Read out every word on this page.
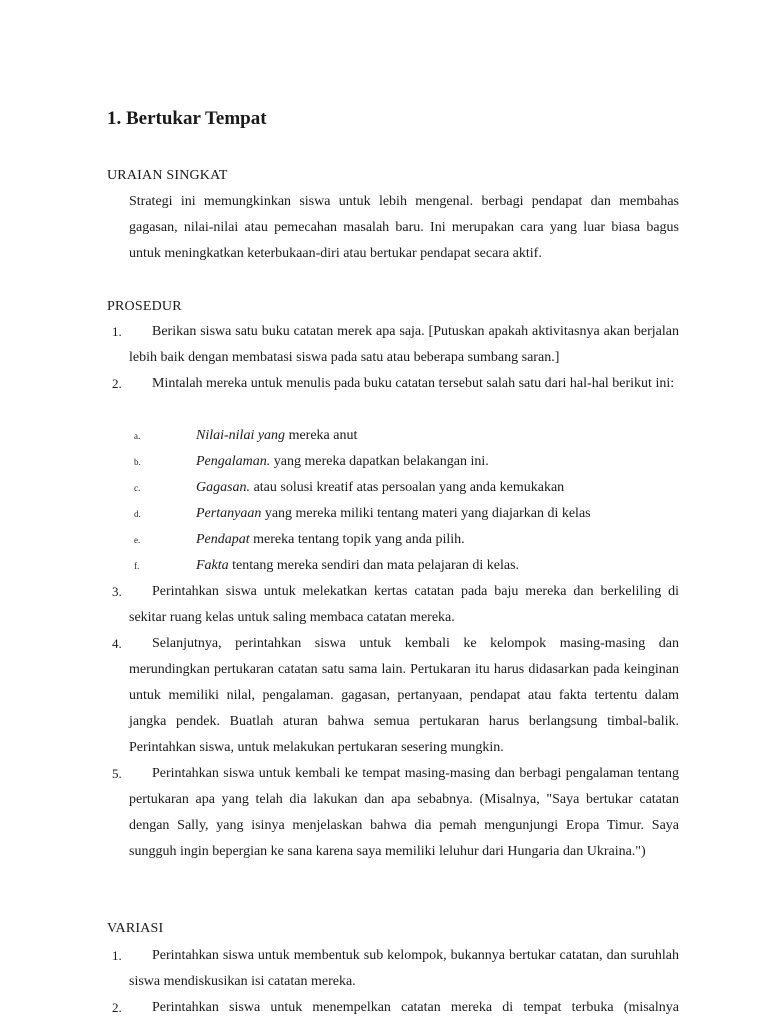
1. Bertukar Tempat
URAIAN SINGKAT

Strategi ini memungkinkan siswa untuk lebih mengenal. berbagi pendapat dan membahas gagasan, nilai-nilai atau pemecahan masalah baru. Ini merupakan cara yang luar biasa bagus untuk meningkatkan keterbukaan-diri atau bertukar pendapat secara aktif.

PROSEDUR
1.	Berikan siswa satu buku catatan merek apa saja. [Putuskan apakah aktivitasnya akan berjalan lebih baik dengan membatasi siswa pada satu atau beberapa sumbang saran.]

2.	Mintalah mereka untuk menulis pada buku catatan tersebut salah satu dari hal-hal berikut ini:

a.	Nilai-nilai yang mereka anut
b.	Pengalaman. yang mereka dapatkan belakangan ini.
c.	Gagasan. atau solusi kreatif atas persoalan yang anda kemukakan
d.	Pertanyaan yang mereka miliki tentang materi yang diajarkan di kelas
e.	Pendapat mereka tentang topik yang anda pilih.
f.	Fakta tentang mereka sendiri dan mata pelajaran di kelas.
3.	Perintahkan siswa untuk melekatkan kertas catatan pada baju mereka dan berkeliling di sekitar ruang kelas untuk saling membaca catatan mereka.

4.	Selanjutnya, perintahkan siswa untuk kembali ke kelompok masing-masing dan merundingkan pertukaran catatan satu sama lain. Pertukaran itu harus didasarkan pada keinginan untuk memiliki nilal, pengalaman. gagasan, pertanyaan, pendapat atau fakta tertentu dalam jangka pendek. Buatlah aturan bahwa semua pertukaran harus berlangsung timbal-balik. Perintahkan siswa, untuk melakukan pertukaran sesering mungkin.

5.	Perintahkan siswa untuk kembali ke tempat masing-masing dan berbagi pengalaman tentang pertukaran apa yang telah dia lakukan dan apa sebabnya. (Misalnya, "Saya bertukar catatan dengan Sally, yang isinya menjelaskan bahwa dia pemah mengunjungi Eropa Timur. Saya sungguh ingin bepergian ke sana karena saya memiliki leluhur dari Hungaria dan Ukraina.")

VARIASI
1.	Perintahkan siswa untuk membentuk sub kelompok, bukannya bertukar catatan, dan suruhlah siswa mendiskusikan isi catatan mereka.

2.	Perintahkan siswa untuk menempelkan catatan mereka di tempat terbuka (misalnya
